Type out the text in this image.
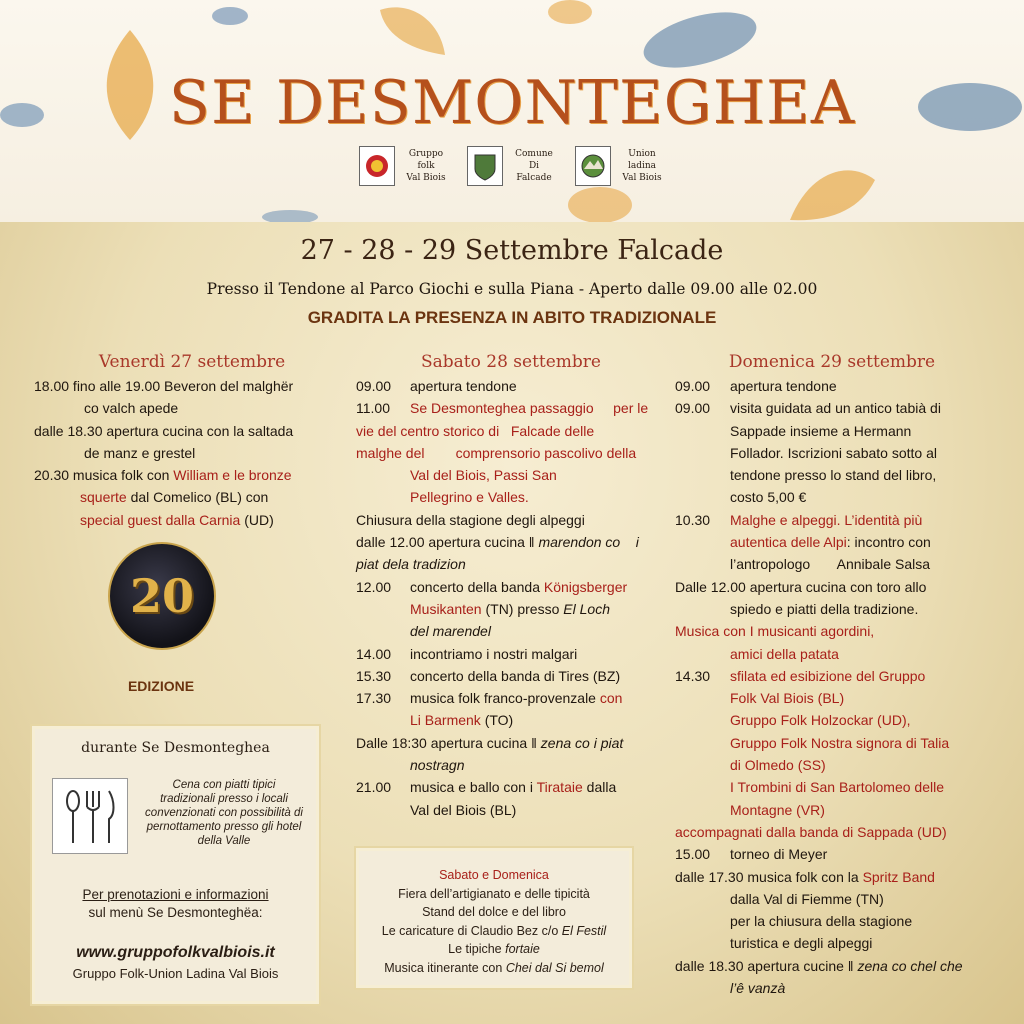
SE DESMONTEGHEA
Gruppo
folk
Val Biois
Comune
Di
Falcade
Union
ladina
Val Biois
27 - 28 - 29 Settembre Falcade
Presso il Tendone al Parco Giochi e sulla Piana - Aperto dalle 09.00 alle 02.00
GRADITA LA PRESENZA IN ABITO TRADIZIONALE
Venerdì 27 settembre
18.00 fino alle 19.00 Beveron del malghër
co valch apede
dalle 18.30 apertura cucina con la saltada
de manz e grestel
20.30 musica folk con William e le bronze
squerte dal Comelico (BL) con
special guest dalla Carnia (UD)
20
EDIZIONE
Sabato 28 settembre
09.00	apertura tendone
11.00	Se Desmonteghea passaggio     per le
vie del centro storico di   Falcade delle
malghe del        comprensorio pascolivo della
Val del Biois, Passi San
Pellegrino e Valles.
Chiusura della stagione degli alpeggi
dalle 12.00 apertura cucina ‖ marendon co    i
piat dela tradizion
12.00	concerto della banda Königsberger
Musikanten (TN) presso El Loch
del marendel
14.00	incontriamo i nostri malgari
15.30	concerto della banda di Tires (BZ)
17.30	musica folk franco-provenzale con
Li Barmenk (TO)
Dalle 18:30 apertura cucina ‖ zena co i piat
nostragn
21.00	musica e ballo con i Tirataie dalla
Val del Biois (BL)
Domenica 29 settembre
09.00	apertura tendone
09.00	visita guidata ad un antico tabià di
Sappade insieme a Hermann
Follador. Iscrizioni sabato sotto al
tendone presso lo stand del libro,
costo 5,00 €
10.30	Malghe e alpeggi. L’identità più
autentica delle Alpi: incontro con
l’antropologo       Annibale Salsa
Dalle 12.00 apertura cucina con toro allo
spiedo e piatti della tradizione.
Musica con I musicanti agordini,
amici della patata
14.30	sfilata ed esibizione del Gruppo
Folk Val Biois (BL)
Gruppo Folk Holzockar (UD),
Gruppo Folk Nostra signora di Talia
di Olmedo (SS)
I Trombini di San Bartolomeo delle
Montagne (VR)
accompagnati dalla banda di Sappada (UD)
15.00	torneo di Meyer
dalle 17.30 musica folk con la Spritz Band
dalla Val di Fiemme (TN)
per la chiusura della stagione
turistica e degli alpeggi
dalle 18.30 apertura cucine ‖ zena co chel che
l’ê vanzà
durante Se Desmonteghea
Cena con piatti tipici tradizionali presso i locali convenzionati con possibilità di pernottamento presso gli hotel della Valle
Per prenotazioni e informazioni
sul menù Se Desmonteghëa:
www.gruppofolkvalbiois.it
Gruppo Folk-Union Ladina Val Biois
Sabato e Domenica
Fiera dell’artigianato e delle tipicità
Stand del dolce e del libro
Le caricature di Claudio Bez c/o El Festil
Le tipiche fortaie
Musica itinerante con Chei dal Si bemol
